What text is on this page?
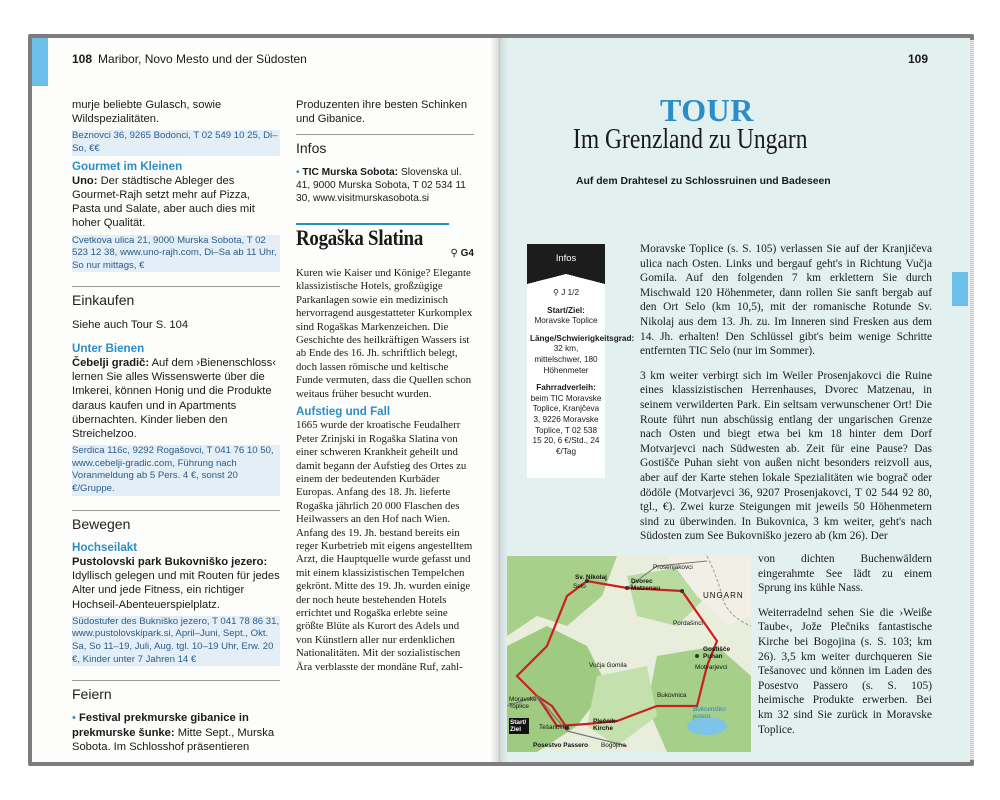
108 Maribor, Novo Mesto und der Südosten	109

murje beliebte Gulasch, sowie Wildspezialitäten.

Beznovci 36, 9265 Bodonci, T 02 549 10 25, Di–So, €€

Gourmet im Kleinen

Uno: Der städtische Ableger des Gourmet-Rajh setzt mehr auf Pizza, Pasta und Salate, aber auch dies mit hoher Qualität.

Cvetkova ulica 21, 9000 Murska Sobota, T 02 523 12 38, www.uno-rajh.com, Di–Sa ab 11 Uhr, So nur mittags, €

Einkaufen

Siehe auch Tour S. 104

Unter Bienen

Čebelji gradič: Auf dem ›Bienenschloss‹ lernen Sie alles Wissenswerte über die Imkerei, können Honig und die Produkte daraus kaufen und in Apartments übernachten. Kinder lieben den Streichelzoo.

Serdica 116c, 9292 Rogašovci, T 041 76 10 50, www.cebelji-gradic.com, Führung nach Voranmeldung ab 5 Pers. 4 €, sonst 20 €/Gruppe.

Bewegen
Hochseilakt

Pustolovski park Bukovniško jezero: Idyllisch gelegen und mit Routen für jedes Alter und jede Fitness, ein richtiger Hochseil-Abenteuerspielplatz.

Südostufer des Bukniško jezero, T 041 78 86 31, www.pustolovskipark.si, April–Juni, Sept., Okt. Sa, So 11–19, Juli, Aug. tgl. 10–19 Uhr, Erw. 20 €, Kinder unter 7 Jahren 14 €

Feiern

• Festival prekmurske gibanice in prekmurske šunke: Mitte Sept., Murska Sobota. Im Schlosshof präsentieren

Produzenten ihre besten Schinken und Gibanice.

Infos

• TIC Murska Sobota: Slovenska ul. 41, 9000 Murska Sobota, T 02 534 11 30, www.visitmurskasobota.si

Rogaška Slatina
⚲ G4

Kuren wie Kaiser und Könige? Elegante klassizistische Hotels, großzügige Parkanlagen sowie ein medizinisch hervorragend ausgestatteter Kurkomplex sind Rogaškas Markenzeichen. Die Geschichte des heilkräftigen Wassers ist ab Ende des 16. Jh. schriftlich belegt, doch lassen römische und keltische Funde vermuten, dass die Quellen schon weitaus früher besucht wurden.

Aufstieg und Fall

1665 wurde der kroatische Feudalherr Peter Zrinjski in Rogaška Slatina von einer schweren Krankheit geheilt und damit begann der Aufstieg des Ortes zu einem der bedeutenden Kurbäder Europas. Anfang des 18. Jh. lieferte Rogaška jährlich 20 000 Flaschen des Heilwassers an den Hof nach Wien. Anfang des 19. Jh. bestand bereits ein reger Kurbetrieb mit eigens angestelltem Arzt, die Hauptquelle wurde gefasst und mit einem klassizistischen Tempelchen gekrönt. Mitte des 19. Jh. wurden einige der noch heute bestehenden Hotels errichtet und Rogaška erlebte seine größte Blüte als Kurort des Adels und von Künstlern aller nur erdenklichen Nationalitäten. Mit der sozialistischen Ära verblasste der mondäne Ruf, zahl-

TOUR
Im Grenzland zu Ungarn
Auf dem Drahtesel zu Schlossruinen und Badeseen
Infos
⚲ J 1/2
Start/Ziel:
Moravske Toplice
Länge/Schwierigkeitsgrad:
32 km, mittelschwer, 180 Höhenmeter
Fahrradverleih:
beim TIC Moravske Toplice, Kranjčeva 3, 9226 Moravske Toplice, T 02 538 15 20, 6 €/Std., 24 €/Tag

Moravske Toplice (s. S. 105) verlassen Sie auf der Kranjičeva ulica nach Osten. Links und bergauf geht's in Richtung Vučja Gomila. Auf den folgenden 7 km erklettern Sie durch Mischwald 120 Höhenmeter, dann rollen Sie sanft bergab auf den Ort Selo (km 10,5), mit der romanische Rotunde Sv. Nikolaj aus dem 13. Jh. zu. Im Inneren sind Fresken aus dem 14. Jh. erhalten! Den Schlüssel gibt's beim wenige Schritte entfernten TIC Selo (nur im Sommer).

3 km weiter verbirgt sich im Weiler Prosenjakovci die Ruine eines klassizistischen Herrenhauses, Dvorec Matzenau, in seinem verwilderten Park. Ein seltsam verwunschener Ort! Die Route führt nun abschüssig entlang der ungarischen Grenze nach Osten und biegt etwa bei km 18 hinter dem Dorf Motvarjevci nach Südwesten ab. Zeit für eine Pause? Das Gostišče Puhan sieht von außen nicht besonders reizvoll aus, aber auf der Karte stehen lokale Spezialitäten wie bograč oder dödöle (Motvarjevci 36, 9207 Prosenjakovci, T 02 544 92 80, tgl., €). Zwei kurze Steigungen mit jeweils 50 Höhenmetern sind zu überwinden. In Bukovnica, 3 km weiter, geht's nach Südosten zum See Bukovniško jezero ab (km 26). Der

von dichten Buchenwäldern eingerahmte See lädt zu einem Sprung ins kühle Nass.

Weiterradelnd sehen Sie die ›Weiße Taube‹, Jože Plečniks fantastische Kirche bei Bogojina (s. S. 103; km 26). 3,5 km weiter durchqueren Sie Tešanovec und können im Laden des Posestvo Passero (s. S. 105) heimische Produkte erwerben. Bei km 32 sind Sie zurück in Moravske Toplice.

Prosenjakovci
Sv. Nikolaj
Selo
Dvorec Matzenau
UNGARN
Pordašinci
Gostišče Puhan
Motvarjevci
Vučja Gomila
Bukovnica
Moravske Toplice
Start/ Ziel	Tešanovec
Plečnik-Kirche
Bukovniško jezero
Posestvo Passero Bogojina
